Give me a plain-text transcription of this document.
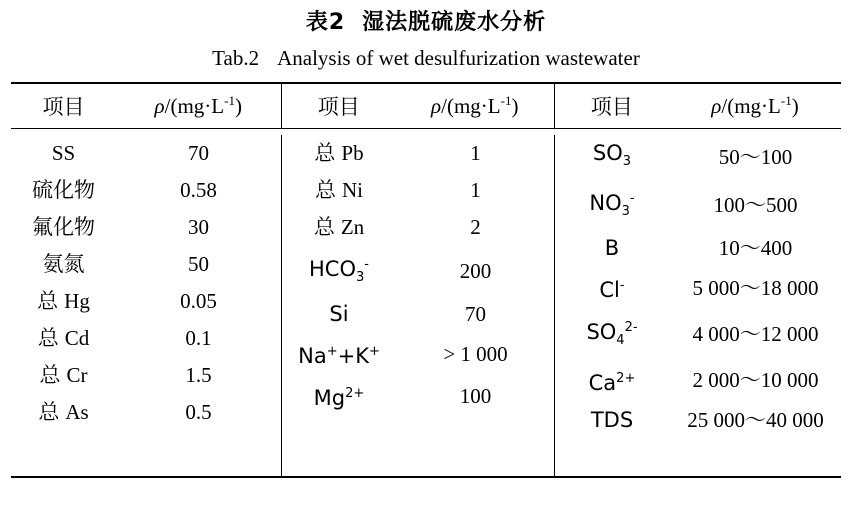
表2 湿法脱硫废水分析
Tab.2 Analysis of wet desulfurization wastewater
项目	$\rho/(mg\cdot L^{-1})$	项目	$\rho/(mg\cdot L^{-1})$	项目	$\rho/(mg\cdot L^{-1})$

SS	70
硫化物	0.58
氟化物	30
氨氮	50
总 Hg	0.05
总 Cd	0.1
总 Cr	1.5
总 As	0.5

总 Pb	1
总 Ni	1
总 Zn	2
$HCO_3^-$	200
Si	70
Na++K+	> 1 000
$Mg^{2+}$	100

$SO_3$	50～100
$NO_3^-$	100～500
B	10～400
Cl-	5 000～18 000
$SO_4^{2-}$	4 000～12 000
$Ca^{2+}$	2 000～10 000
TDS	25 000～40 000
